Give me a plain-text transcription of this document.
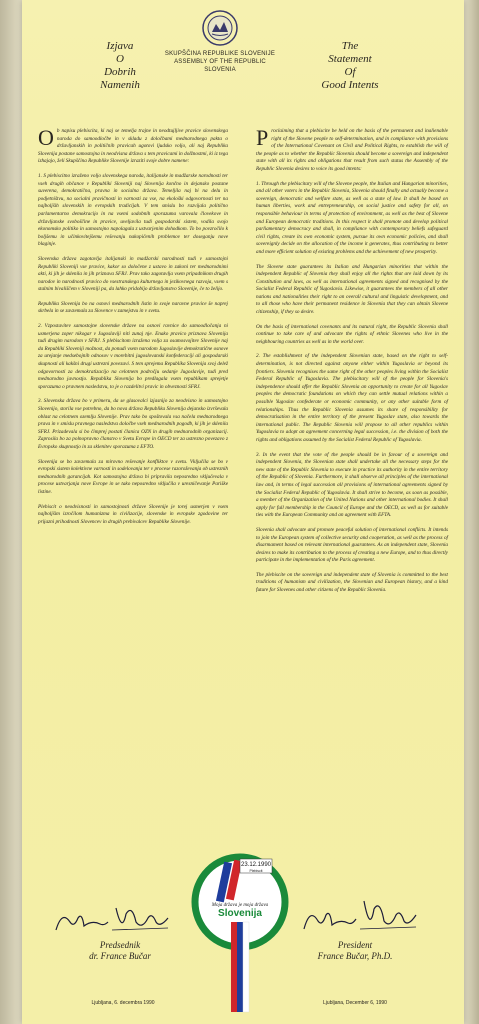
SKUPŠČINA REPUBLIKE SLOVENIJE
ASSEMBLY OF THE REPUBLIC SLOVENIA
Izjava
O
Dobrih
Namenih
The
Statement
Of
Good Intents

Ob napisu plebiscita, ki naj se temelja trajne in neodtujljive pravice slovenskega naroda do samoodločbe in v skladu z določbami mednarodnega pakta o državljanskih in političnih pravicah ugotovi ljudsko voljo, ali naj Republika Slovenija postane samostojna in neodvisna država s tem pravicami in dolžnostmi, ki iz tega izhajajo, želi Skupščina Republike Slovenije izraziti svoje dobre namene:

1. S plebiscitno izraženo voljo slovenskega naroda, italijanske in madžarske narodnosti ter vseh drugih občanov v Republiki Sloveniji naj Slovenija končno in dejansko postane suverena, demokratična, pravna in socialna država. Temeljila naj bi na delu in podjetništvu, na socialni pravičnosti in varnosti za vse, na ekološki odgovornosti ter na najboljših slovenskih in evropskih tradicijah. V tem smislu bo razvijala politično parlamentarno demokracijo in na vsemi sodobnih sporazuma varovala človekove in državljanske svoboščine in pravice, uveljavila tudi gospodarski sistem, vodila svojo ekonomsko politiko in samostojno napolagala z ustvarjenim dohodkom. To bo povzročilo k boljšemu in učinkovitejšemu reševanju nakopičenih problemov ter doseganju nove blaginje.

Slovenska država zagotavlja italijanski in madžarski narodnosti tudi v samostojni Republiki Sloveniji vse pravice, kakor so določene z ustavo in zakoni ter mednarodnimi akti, ki jih je sklenila in jih priznava SFRJ. Prav tako zagotavlja vsem pripadnikom drugih narodov in narodnosti pravico do vsestranskega kulturnega in jezikovnega razvoja, vsem s stalnim bivališčem v Sloveniji pa, da lahko pridobijo državljanstvo Slovenije, če to želijo.

Republika Slovenija bo na osnovi mednarodnih listin in svoje naravne pravice še naprej skrbela in se zavzemala za Slovence v zamejstvu in v svetu.

2. Vzpostavitev samostojne slovenske države na osnovi ravnice do samoodločanja ni usmerjena zoper nikogar v Jugoslaviji niti zunaj nje. Enako pravico priznava Slovenija tudi drugim narodom v SFRJ. S plebiscitom izražena volja za osamosvojitev Slovenije naj da Republiki Sloveniji možnost, da ponudi vsem narodom Jugoslavije demokratične osnove za urejanje medsebojnih odnosov v morebitni jugoslovanski konfederaciji ali gospodarski skupnosti ali kakšni drugi ustrezni povezavi. S tem sprejema Republika Slovenija svoj delež odgovornosti za demokratizacijo na celotnem področju sedanje Jugoslavije, tudi pred mednarodno javnostjo. Republika Slovenija bo predlagala vsem republikam sprejetje sporazuma o pravnem nasledstvu, to je o razdelitvi pravic in obveznosti SFRJ.

3. Slovenska država bo v primeru, da se glasovalci izjasnijo za neodvisno in samostojno Slovenijo, storila vse potrebno, da bo nova država Republika Slovenija dejansko izvrševala oblast na celotnem ozemlju Slovenije. Prav tako bo spoštovala vsa načela mednarodnega prava in v smislu pravnega nasledstva določbe vseh mednarodnih pogodb, ki jih je sklenila SFRJ. Prizadevala si bo čimprej postati članica OZN in drugih mednarodnih organizacij. Zaprosila bo za polnopravno članstvo v Svetu Evrope in OECD ter za ustrezno povezavo z Evropsko skupnostjo in za sklenitev sporazuma z EFTO.

Slovenija se bo zavzemala za mirovno reševanje konfliktov v svetu. Vključila se bo v evropski sistem kolektivne varnosti in sodelovanja ter v procese razoroževanja ob ustreznih mednarodnih garancijah. Kot samostojna država bi pripravila neposredno vključevala v procese ustvarjanja nove Evrope in se tako neposredno vključila v uresničevanje Pariške listine.

Plebiscit o neodvisnosti in samostojnosti države Slovenije je torej usmerjen v vsem najboljšim izročilom humanizma in civilizacije, slovenske in evropske zgodovine ter prijazni prihodnosti Slovencev in drugih prebivalcev Republike Slovenije.

Proclaiming that a plebiscite be held on the basis of the permanent and inalienable right of the Slovene people to self-determination, and in compliance with provisions of the International Covenant on Civil and Political Rights, to establish the will of the people as to whether the Republic Slovenia should become a sovereign and independent state with all its rights and obligations that result from such status the Assembly of the Republic Slovenia desires to voice its good intents:

1. Through the plebiscitary will of the Slovene people, the Italian and Hungarian minorities, and all other voters in the Republic Slovenia, Slovenia should finally and actually become a sovereign, democratic and welfare state, as well as a state of law. It shall be based on human liberties, work and entrepreneurship, on social justice and safety for all, on responsible behaviour in terms of protection of environment, as well as the best of Slovene and European democratic traditions. In this respect it shall promote and develop political parliamentary democracy and shall, in compliance with contemporary beliefs safeguard civil rights, create its own economic system, pursue its own economic policies, and shall sovereignly decide on the allocation of the income it generates, thus contributing to better and more efficient solution of existing problems and the achievement of new prosperity.

The Slovene state guarantees its Italian and Hungarian minorities that within the independent Republic of Slovenia they shall enjoy all the rights that are laid down by its Constitution and laws, as well as international agreements signed and recognised by the Socialist Federal Republic of Yugoslavia. Likewise, it guarantees the members of all other nations and nationalities their right to an overall cultural and linguistic development, and to all those who have their permanent residence in Slovenia that they can obtain Slovene citizenship, if they so desire.

On the basis of international covenants and its natural right, the Republic Slovenia shall continue to take care of and advocate the rights of ethnic Slovenes who live in the neighbouring countries as well as in the world over.

2. The establishment of the independent Slovenian state, based on the right to self-determination, is not directed against anyone either within Yugoslavia or beyond its frontiers. Slovenia recognises the same right of the other peoples living within the Socialist Federal Republic of Yugoslavia. The plebiscitary will of the people for Slovenia's independence should offer the Republic Slovenia an opportunity to create for all Yugoslav peoples the democratic foundations on which they can settle mutual relations within a possible Yugoslav confederate or economic community, or any other suitable form of relationships. Thus the Republic Slovenia assumes its share of responsibility for democratisation in the entire territory of the present Yugoslav state, also towards the international public. The Republic Slovenia will propose to all other republics within Yugoslavia to adopt an agreement concerning legal succession, i.e. the division of both the rights and obligations assumed by the Socialist Federal Republic of Yugoslavia.

3. In the event that the vote of the people should be in favour of a sovereign and independent Slovenia, the Slovenian state shall undertake all the necessary steps for the new state of the Republic Slovenia to execute in practice its authority in the entire territory of the Republic of Slovenia. Furthermore, it shall observe all principles of the international law and, in terms of legal succession all provisions of international agreements signed by the Socialist Federal Republic of Yugoslavia. It shall strive to become, as soon as possible, a member of the Organization of the United Nations and other international bodies. It shall apply for full membership in the Council of Europe and the OECD, as well as for suitable ties with the European Community and an agreement with EFTA.

Slovenia shall advocate and promote peaceful solution of international conflicts. It intends to join the European system of collective security and cooperation, as well as the process of disarmament based on relevant international guarantees. As an independent state, Slovenia desires to make its contribution to the process of creating a new Europe, and to thus directly participate in the implementation of the Paris agreement.

The plebiscite on the sovereign and independent state of Slovenia is committed to the best traditions of humanism and civilization, the Slovenian and European history, and a kind future for Slovenes and other citizens of the Republic Slovenia.

Predsednik
dr. France Bučar
President
France Bučar, Ph.D.
Ljubljana, 6. decembra 1990	Ljubljana, December 6, 1990
23.12.1990
Plebiscit
Moja država je moja država
Slovenija
